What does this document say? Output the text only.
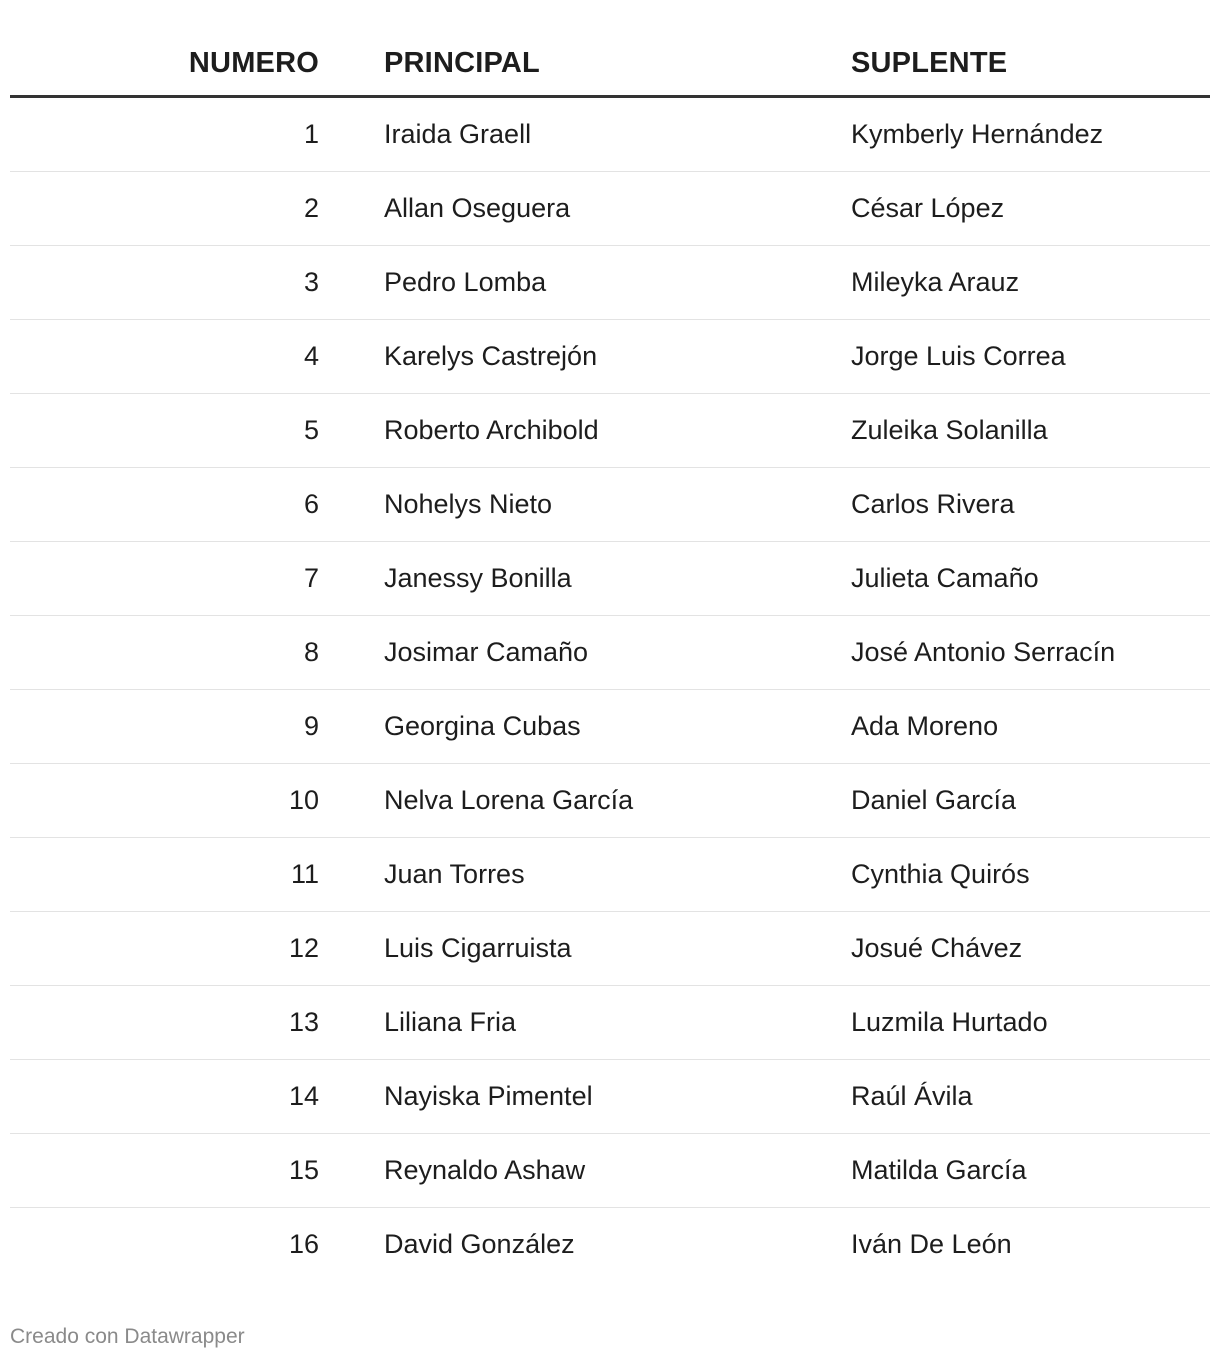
NUMERO PRINCIPAL	SUPLENTE
1 Iraida Graell	Kymberly Hernández
2 Allan Oseguera	César López
3 Pedro Lomba	Mileyka Arauz
4 Karelys Castrejón	Jorge Luis Correa
5 Roberto Archibold	Zuleika Solanilla
6 Nohelys Nieto	Carlos Rivera
7 Janessy Bonilla	Julieta Camaño
8 Josimar Camaño	José Antonio Serracín
9 Georgina Cubas	Ada Moreno
10 Nelva Lorena García	Daniel García
11 Juan Torres	Cynthia Quirós
12 Luis Cigarruista	Josué Chávez
13 Liliana Fria	Luzmila Hurtado
14 Nayiska Pimentel	Raúl Ávila
15 Reynaldo Ashaw	Matilda García
16 David González	Iván De León
Creado con Datawrapper
